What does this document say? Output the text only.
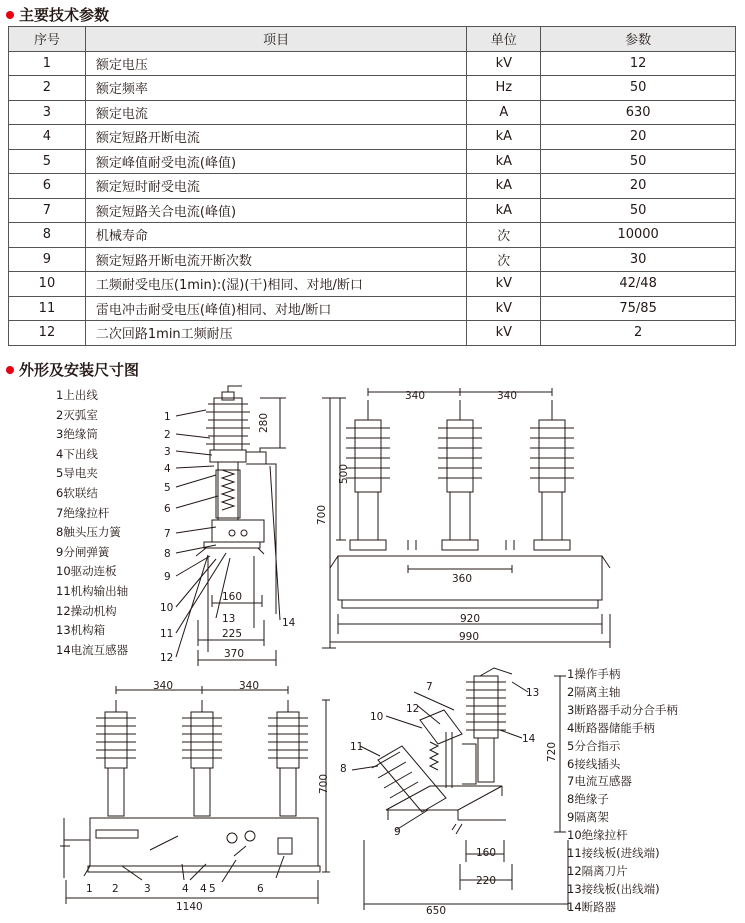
主要技术参数
序号	项目	单位	参数
1	额定电压	kV	12
2	额定频率	Hz	50
3	额定电流	A	630
4	额定短路开断电流	kA	20
5	额定峰值耐受电流(峰值)	kA	50
6	额定短时耐受电流	kA	20
7	额定短路关合电流(峰值)	kA	50
8	机械寿命	次	10000
9	额定短路开断电流开断次数	次	30
10	工频耐受电压(1min):(湿)(干)相同、对地/断口	kV	42/48
11	雷电冲击耐受电压(峰值)相同、对地/断口	kV	75/85
12	二次回路1min工频耐压	kV	2
外形及安装尺寸图
1上出线
2灭弧室
3绝缘筒
4下出线
5导电夹
6软联结
7绝缘拉杆
8触头压力簧
9分闸弹簧
10驱动连板
11机构输出轴
12操动机构
13机构箱
14电流互感器
1操作手柄
2隔离主轴
3断路器手动分合手柄
4断路器储能手柄
5分合指示
6接线插头
7电流互感器
8绝缘子
9隔离架
10绝缘拉杆
11接线板(进线端)
12隔离刀片
13接线板(出线端)
14断路器
1
2
3
4
5
6
7
8
9
10
11
12
13	14
280
160
225
370
340	340
500
700
360
920
990
340	340
700
1140
1 2 3	4 4 5	6
7
10
12
11
8
9
13
14
720
160
220
650
